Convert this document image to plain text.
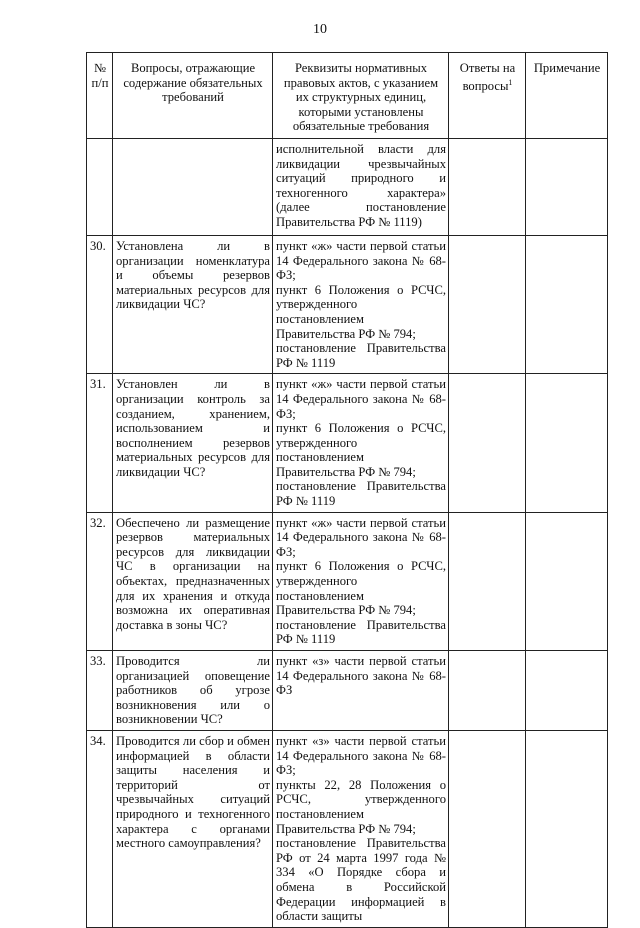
10
№ п/п	Вопросы, отражающие содержание обязательных требований	Реквизиты нормативных правовых актов, с указанием их структурных единиц, которыми установлены обязательные требования	Ответы на вопросы$^1$	Примечание
		исполнительной власти для ликвидации чрезвычайных ситуаций природного и техногенного характера» (далее постановление Правительства РФ № 1119)		
30.	Установлена ли в организации номенклатура и объемы резервов материальных ресурсов для ликвидации ЧС?	пункт «ж» части первой статьи 14 Федерального закона № 68-ФЗ;
пункт 6 Положения о РСЧС, утвержденного постановлением Правительства РФ № 794;
постановление Правительства РФ № 1119		

31.	Установлен ли в организации контроль за созданием, хранением, использованием и восполнением резервов материальных ресурсов для ликвидации ЧС?	пункт «ж» части первой статьи 14 Федерального закона № 68-ФЗ;
пункт 6 Положения о РСЧС, утвержденного постановлением Правительства РФ № 794;
постановление Правительства РФ № 1119		

32.	Обеспечено ли размещение резервов материальных ресурсов для ликвидации ЧС в организации на объектах, предназначенных для их хранения и откуда возможна их оперативная доставка в зоны ЧС?	пункт «ж» части первой статьи 14 Федерального закона № 68-ФЗ;
пункт 6 Положения о РСЧС, утвержденного постановлением Правительства РФ № 794;
постановление Правительства РФ № 1119		

33.	Проводится ли организацией оповещение работников об угрозе возникновения или о возникновении ЧС?	пункт «з» части первой статьи 14 Федерального закона № 68-ФЗ		

34.	Проводится ли сбор и обмен информацией в области защиты населения и территорий от чрезвычайных ситуаций природного и техногенного характера с органами местного самоуправления?	пункт «з» части первой статьи 14 Федерального закона № 68-ФЗ;
пункты 22, 28 Положения о РСЧС, утвержденного постановлением Правительства РФ № 794;
постановление Правительства РФ от 24 марта 1997 года № 334 «О Порядке сбора и обмена в Российской Федерации информацией в области защиты		
